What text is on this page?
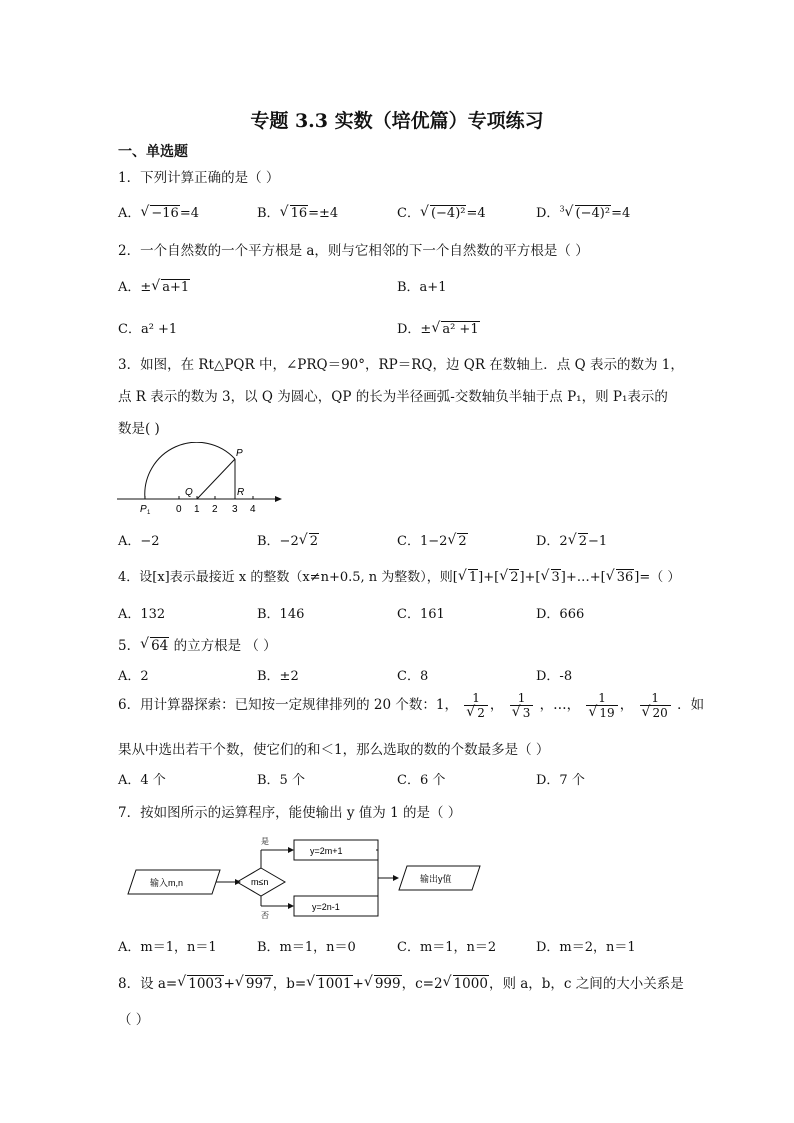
专题 3.3 实数（培优篇）专项练习
一、单选题
1．下列计算正确的是（ ）
A． √ −16=4	B． √ 16=±4	C． √ (−4)²=4	D．$^3$ √ (−4)²=4
2．一个自然数的一个平方根是 a，则与它相邻的下一个自然数的平方根是（ ）
A．± √ a+1	B．a+1
C．a² +1	D．± √ a² +1
3．如图，在 Rt△PQR 中，∠PRQ＝90°，RP＝RQ，边 QR 在数轴上．点 Q 表示的数为 1，
点 R 表示的数为 3，以 Q 为圆心，QP 的长为半径画弧-交数轴负半轴于点 P₁，则 P₁表示的
数是( )
P
Q	R
P 1	0 1 2 3 4
A．−2	B．−2 √ 2	C．1−2 √ 2	D．2 √ 2−1
4．设[x]表示最接近 x 的整数（x≠n+0.5, n 为整数），则[ √ 1]+[ √ 2]+[ √ 3]+…+[ √ 36]=（ ）
A．132	B．146	C．161	D．666
5． √ 64 的立方根是 （ ）
A．2	B．±2	C．8	D．-8
6．用计算器探索：已知按一定规律排列的 20 个数：1， 1
√ 2 ， 1
√ 3 ，…， 1
√ 19 ， 1
√ 20 ．如
果从中选出若干个数，使它们的和＜1，那么选取的数的个数最多是（ ）
A．4 个	B．5 个	C．6 个	D．7 个
7．按如图所示的运算程序，能使输出 y 值为 1 的是（ ）
输入m,n	m≤n
是
否
y=2m+1
y=2n-1
输出y值
A．m＝1，n＝1	B．m＝1，n＝0	C．m＝1，n＝2	D．m＝2，n＝1
8．设 a= √ 1003+ √ 997，b= √ 1001+ √ 999，c=2 √ 1000，则 a，b，c 之间的大小关系是
（ ）
